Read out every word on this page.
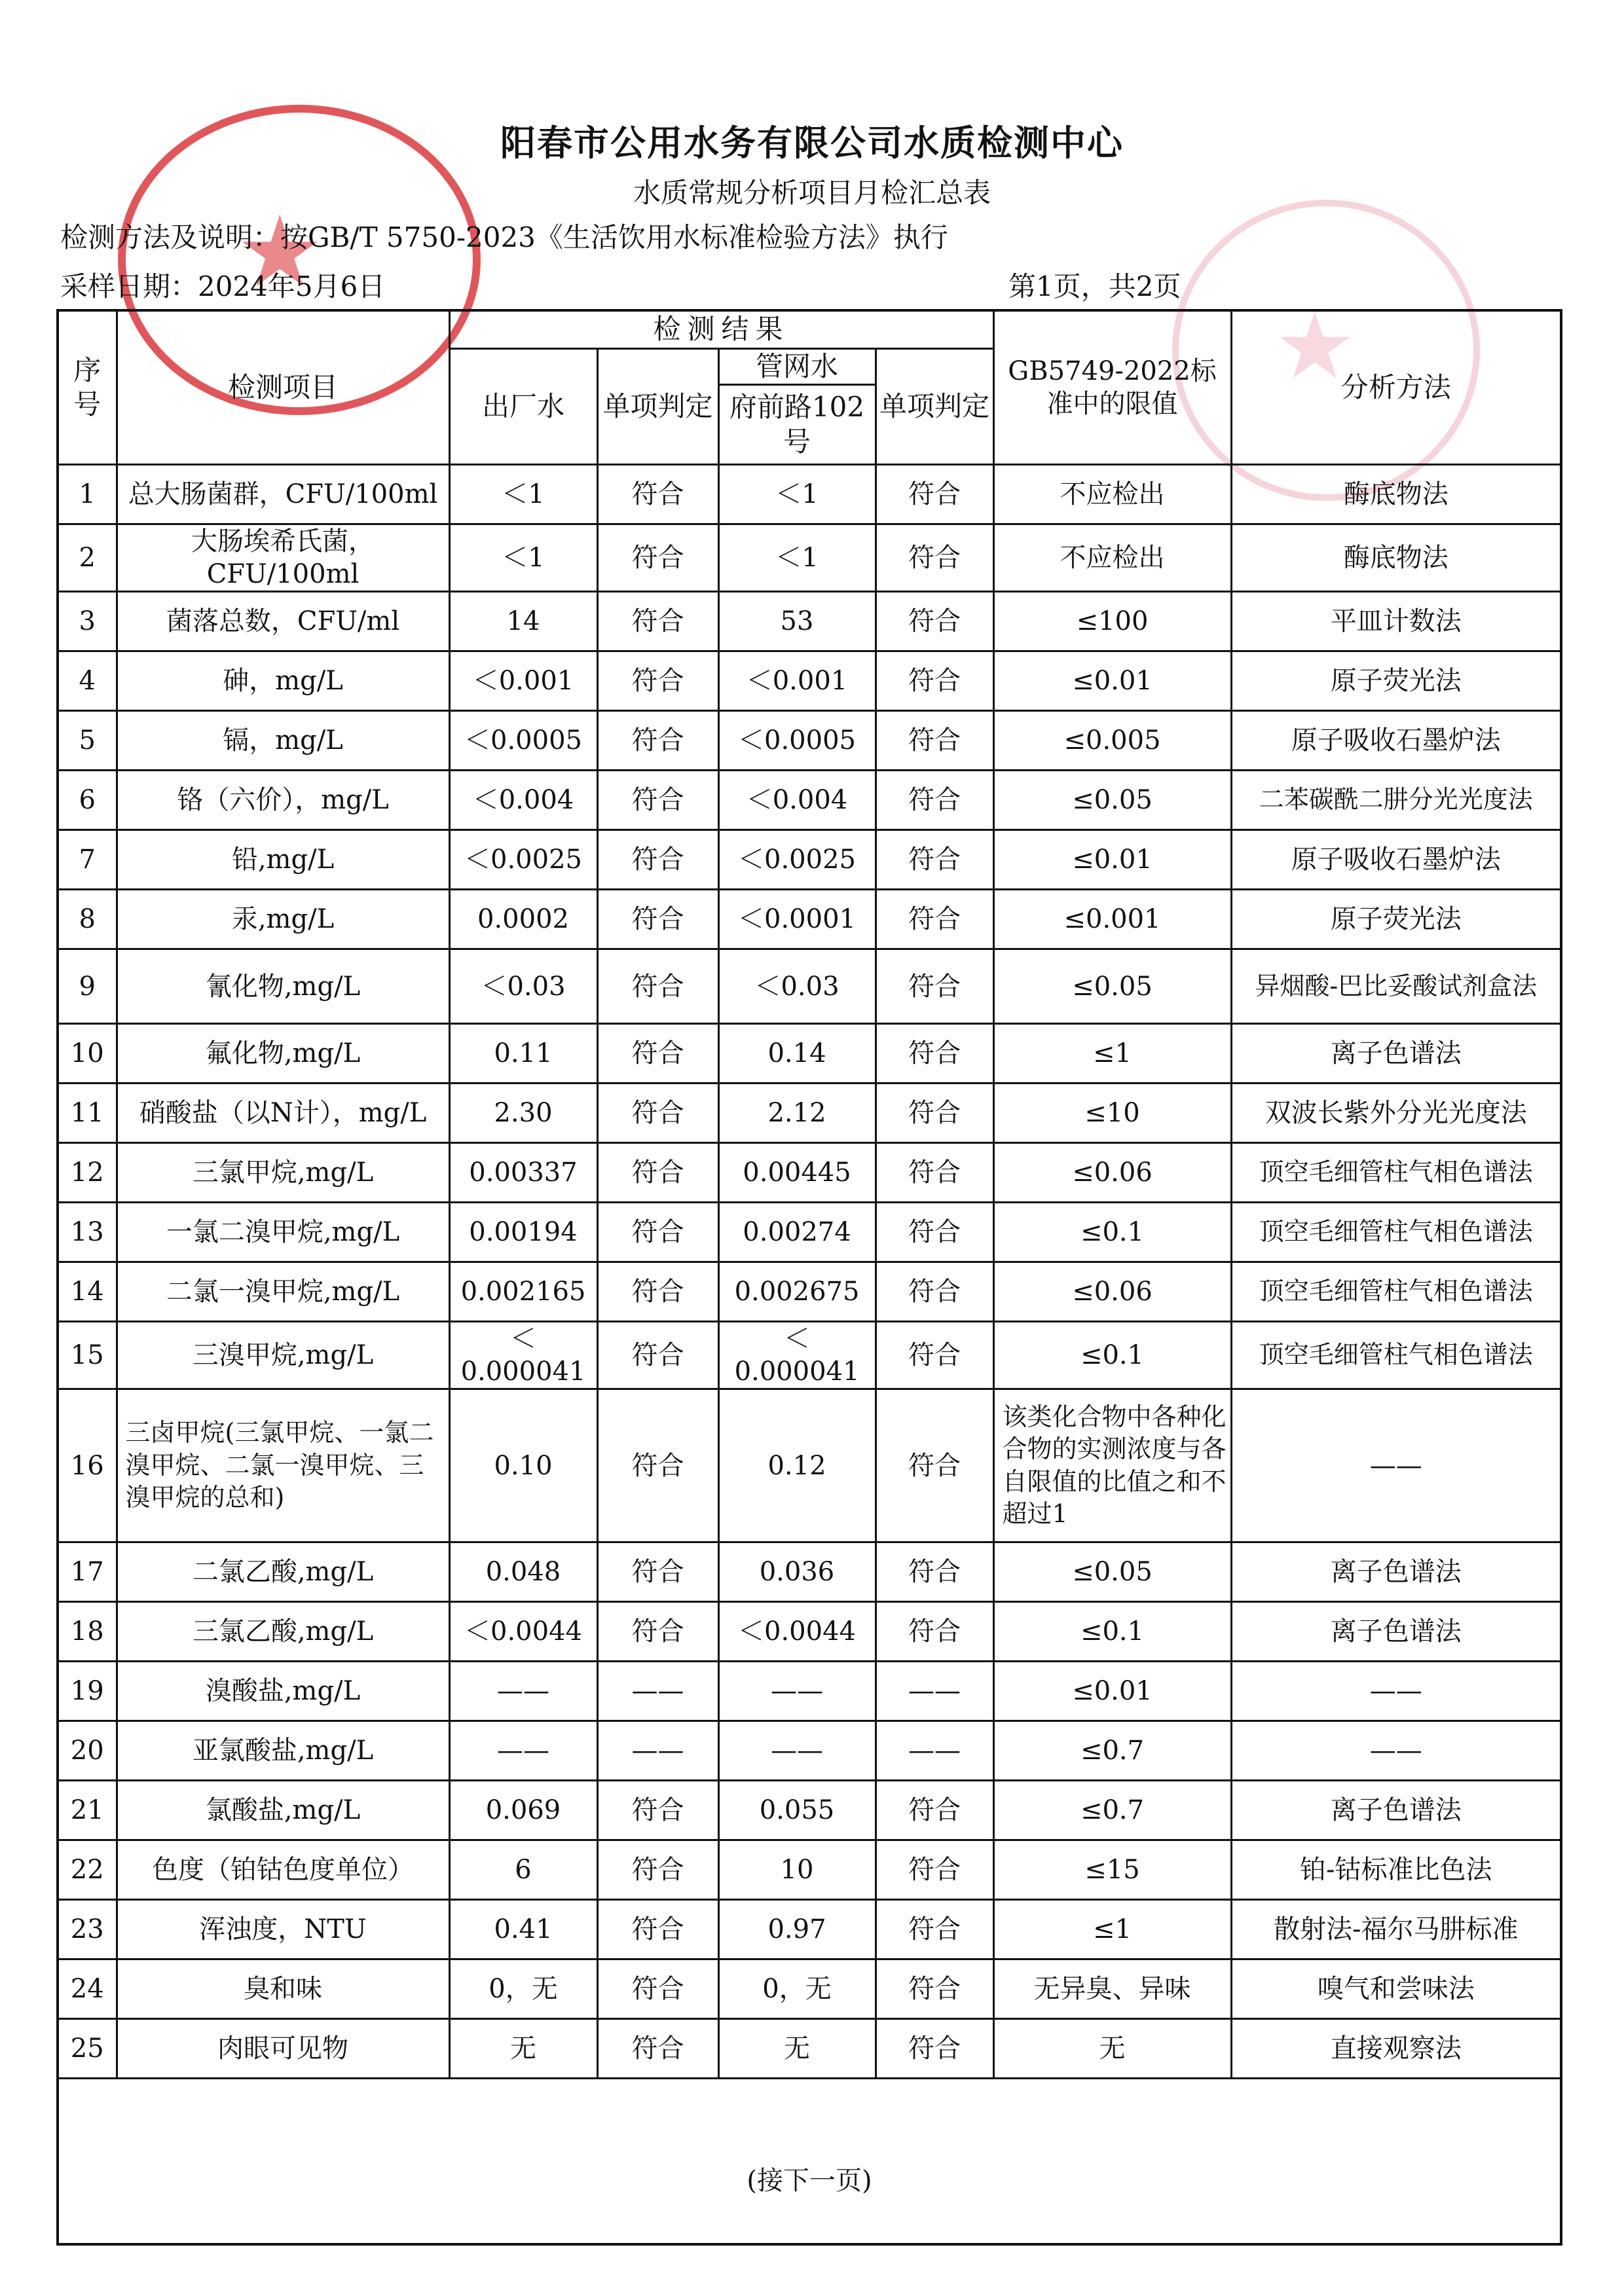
★
★
阳春市公用水务有限公司水质检测中心
水质常规分析项目月检汇总表
检测方法及说明：按GB/T 5750-2023《生活饮用水标准检验方法》执行
采样日期：2024年5月6日	第1页，共2页
序号	检测项目	检测结果				GB5749-2022标准中的限值	分析方法
		出厂水	单项判定	管网水	单项判定		
				府前路102号			
1	总大肠菌群，CFU/100ml	＜1	符合	＜1	符合	不应检出	酶底物法
2	大肠埃希氏菌，CFU/100ml	＜1	符合	＜1	符合	不应检出	酶底物法
3	菌落总数，CFU/ml	14	符合	53	符合	≤100	平皿计数法
4	砷，mg/L	＜0.001	符合	＜0.001	符合	≤0.01	原子荧光法
5	镉，mg/L	＜0.0005	符合	＜0.0005	符合	≤0.005	原子吸收石墨炉法
6	铬（六价），mg/L	＜0.004	符合	＜0.004	符合	≤0.05	二苯碳酰二肼分光光度法
7	铅,mg/L	＜0.0025	符合	＜0.0025	符合	≤0.01	原子吸收石墨炉法
8	汞,mg/L	0.0002	符合	＜0.0001	符合	≤0.001	原子荧光法
9	氰化物,mg/L	＜0.03	符合	＜0.03	符合	≤0.05	异烟酸-巴比妥酸试剂盒法
10	氟化物,mg/L	0.11	符合	0.14	符合	≤1	离子色谱法
11	硝酸盐（以N计），mg/L	2.30	符合	2.12	符合	≤10	双波长紫外分光光度法
12	三氯甲烷,mg/L	0.00337	符合	0.00445	符合	≤0.06	顶空毛细管柱气相色谱法
13	一氯二溴甲烷,mg/L	0.00194	符合	0.00274	符合	≤0.1	顶空毛细管柱气相色谱法
14	二氯一溴甲烷,mg/L	0.002165	符合	0.002675	符合	≤0.06	顶空毛细管柱气相色谱法
15	三溴甲烷,mg/L	＜0.000041	符合	＜0.000041	符合	≤0.1	顶空毛细管柱气相色谱法
16	三卤甲烷(三氯甲烷、一氯二溴甲烷、二氯一溴甲烷、三溴甲烷的总和)	0.10	符合	0.12	符合	该类化合物中各种化合物的实测浓度与各自限值的比值之和不超过1	——
17	二氯乙酸,mg/L	0.048	符合	0.036	符合	≤0.05	离子色谱法
18	三氯乙酸,mg/L	＜0.0044	符合	＜0.0044	符合	≤0.1	离子色谱法
19	溴酸盐,mg/L	——	——	——	——	≤0.01	——
20	亚氯酸盐,mg/L	——	——	——	——	≤0.7	——
21	氯酸盐,mg/L	0.069	符合	0.055	符合	≤0.7	离子色谱法
22	色度（铂钴色度单位）	6	符合	10	符合	≤15	铂-钴标准比色法
23	浑浊度，NTU	0.41	符合	0.97	符合	≤1	散射法-福尔马肼标准
24	臭和味	0，无	符合	0，无	符合	无异臭、异味	嗅气和尝味法
25	肉眼可见物	无	符合	无	符合	无	直接观察法
(接下一页)							
